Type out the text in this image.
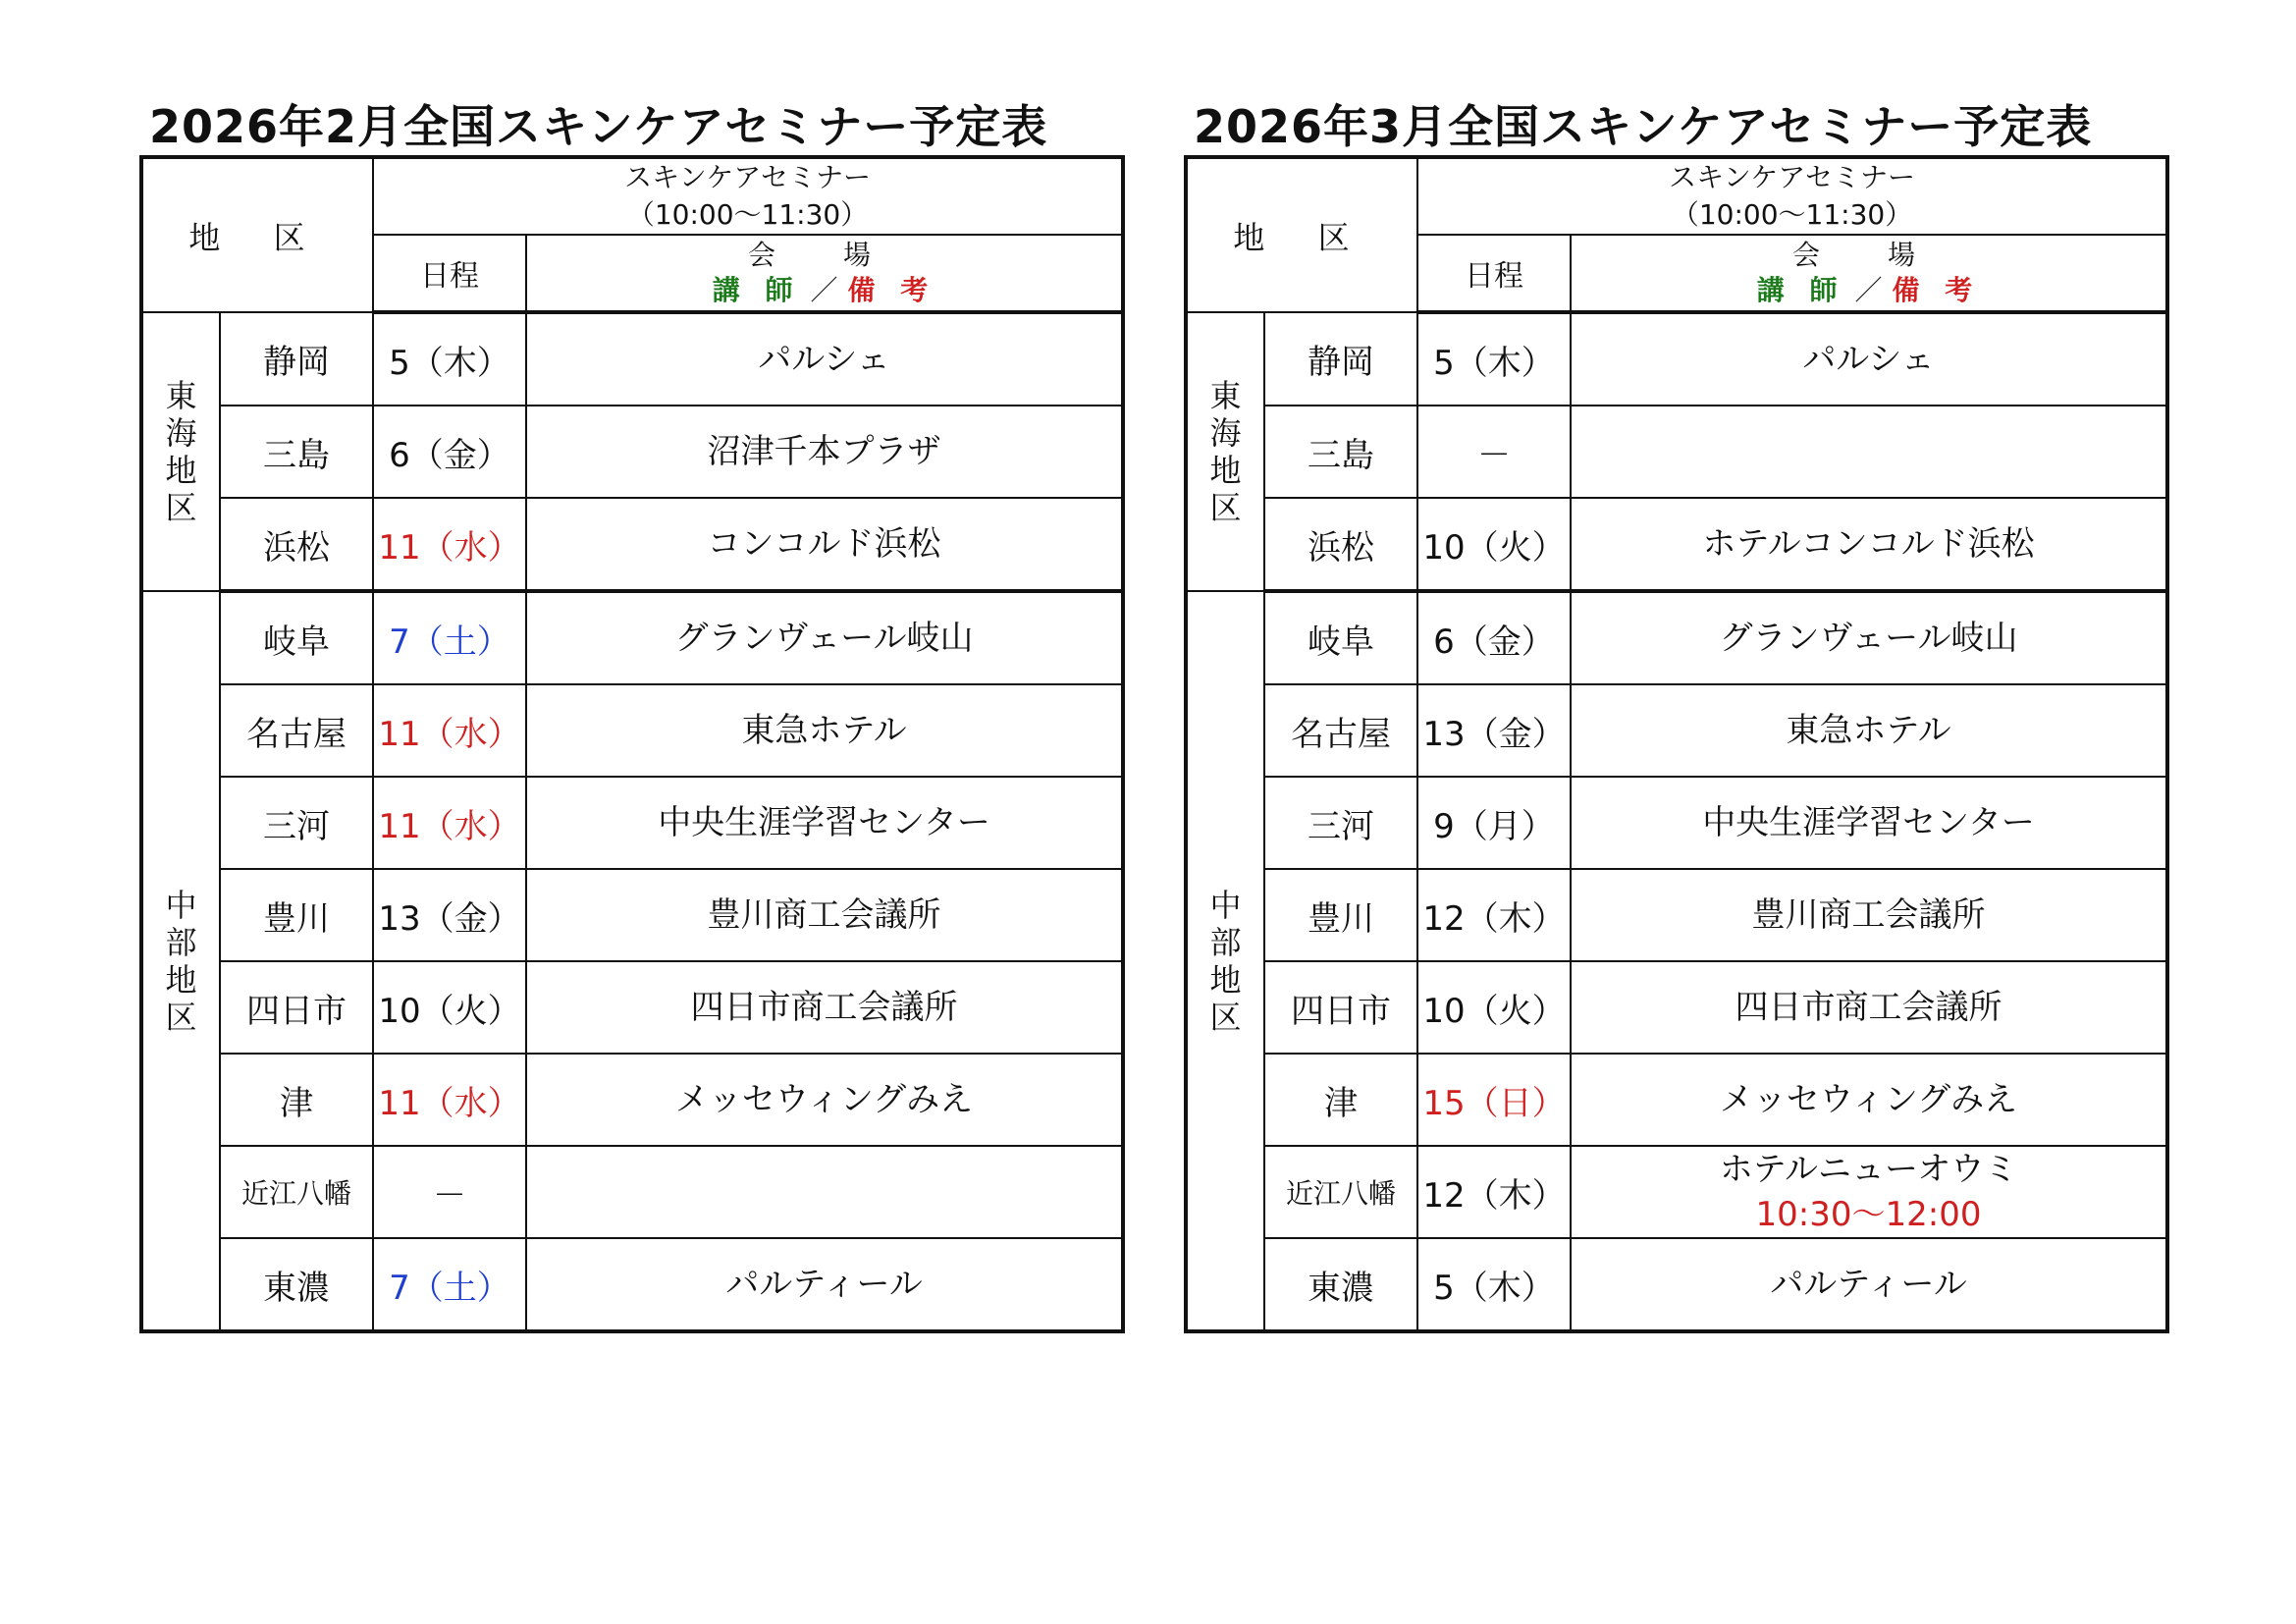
2026年2月全国スキンケアセミナー予定表
地 区		スキンケアセミナー
（10:00～11:30）	

		日程	会 場
講 師 ／ 備 考

東
海
地
区	静岡	5（木）	パルシェ
	三島	6（金）	沼津千本プラザ
	浜松	11（水）	コンコルド浜松

中
部
地
区	岐阜	7（土）	グランヴェール岐山
	名古屋	11（水）	東急ホテル
	三河	11（水）	中央生涯学習センター
	豊川	13（金）	豊川商工会議所
	四日市	10（火）	四日市商工会議所
	津	11（水）	メッセウィングみえ
	近江八幡	－	
	東濃	7（土）	パルティール
2026年3月全国スキンケアセミナー予定表
地 区		スキンケアセミナー
（10:00～11:30）	

		日程	会 場
講 師 ／ 備 考

東
海
地
区	静岡	5（木）	パルシェ
	三島	－	
	浜松	10（火）	ホテルコンコルド浜松

中
部
地
区	岐阜	6（金）	グランヴェール岐山
	名古屋	13（金）	東急ホテル
	三河	9（月）	中央生涯学習センター
	豊川	12（木）	豊川商工会議所
	四日市	10（火）	四日市商工会議所
	津	15（日）	メッセウィングみえ
	近江八幡	12（木）	ホテルニューオウミ
10:30～12:00

	東濃	5（木）	パルティール
